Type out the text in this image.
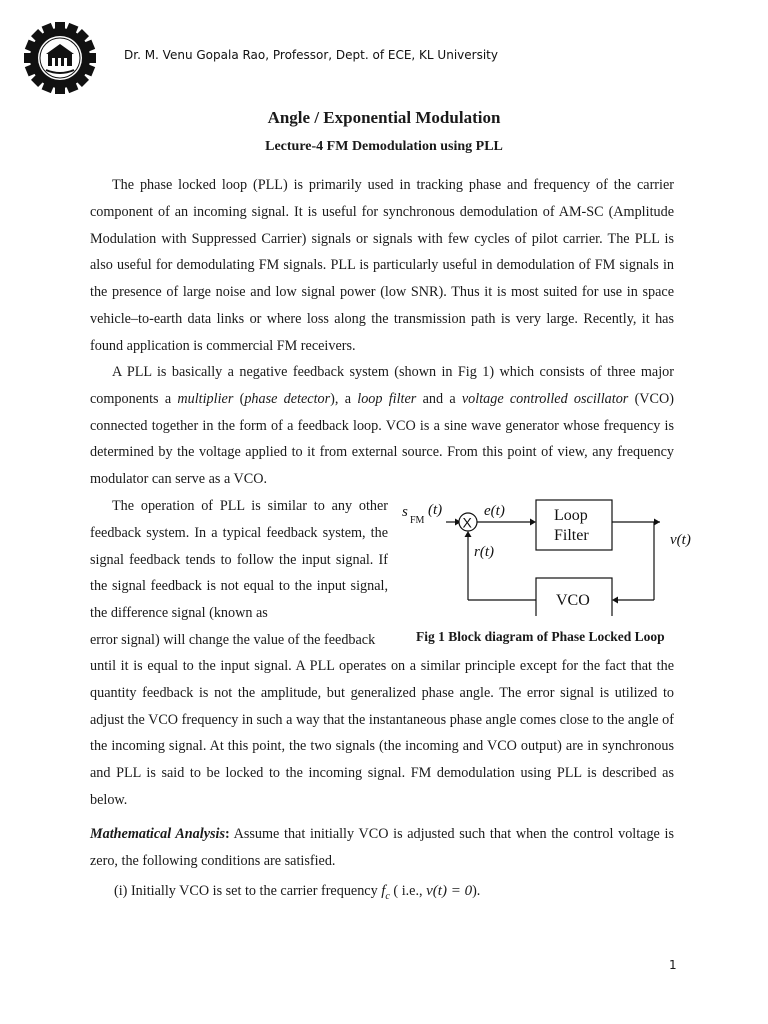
Dr. M. Venu Gopala Rao, Professor, Dept. of ECE, KL University
Angle / Exponential Modulation
Lecture-4 FM Demodulation using PLL

The phase locked loop (PLL) is primarily used in tracking phase and frequency of the carrier component of an incoming signal. It is useful for synchronous demodulation of AM-SC (Amplitude Modulation with Suppressed Carrier) signals or signals with few cycles of pilot carrier. The PLL is also useful for demodulating FM signals. PLL is particularly useful in demodulation of FM signals in the presence of large noise and low signal power (low SNR). Thus it is most suited for use in space vehicle–to-earth data links or where loss along the transmission path is very large. Recently, it has found application is commercial FM receivers.

A PLL is basically a negative feedback system (shown in Fig 1) which consists of three major components a multiplier (phase detector), a loop filter and a voltage controlled oscillator (VCO) connected together in the form of a feedback loop. VCO is a sine wave generator whose frequency is determined by the voltage applied to it from external source. From this point of view, any frequency modulator can serve as a VCO.

The operation of PLL is similar to any other feedback system. In a typical feedback system, the signal feedback tends to follow the input signal. If the signal feedback is not equal to the input signal, the difference signal (known as

error signal) will change the value of the feedback

until it is equal to the input signal. A PLL operates on a similar principle except for the fact that the quantity feedback is not the amplitude, but generalized phase angle. The error signal is utilized to adjust the VCO frequency in such a way that the instantaneous phase angle comes close to the angle of the incoming signal. At this point, the two signals (the incoming and VCO output) are in synchronous and PLL is said to be locked to the incoming signal. FM demodulation using PLL is described as below.

s
FM
(t)
X
e(t)	Loop
Filter	v(t)
VCO
r(t)
Fig 1 Block diagram of Phase Locked Loop

Mathematical Analysis: Assume that initially VCO is adjusted such that when the control voltage is zero, the following conditions are satisfied.

(i) Initially VCO is set to the carrier frequency $f_c$ ( i.e., v(t) = 0).
1
